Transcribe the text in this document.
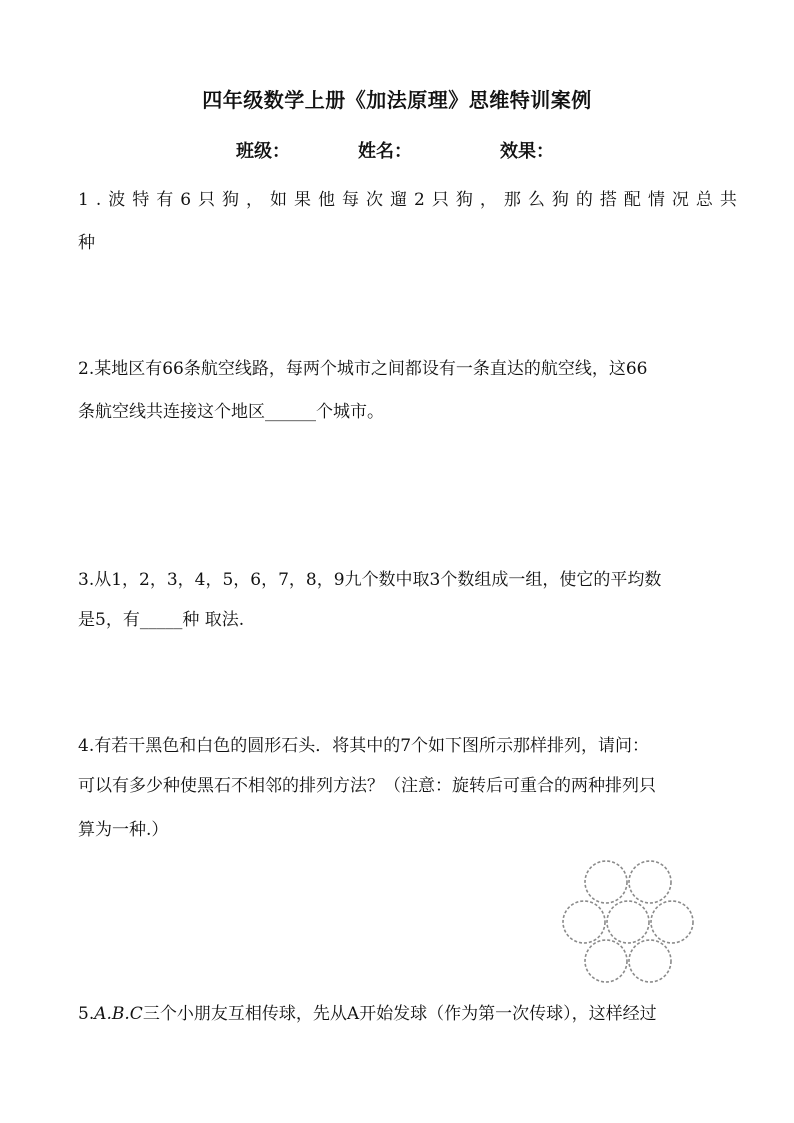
四年级数学上册《加法原理》思维特训案例
班级：	姓名：	效果：
1.波特有6只狗，如果他每次遛2只狗，那么狗的搭配情况总共
种
2.某地区有66条航空线路，每两个城市之间都设有一条直达的航空线，这66
条航空线共连接这个地区______个城市。
3.从1，2，3，4，5，6，7，8，9九个数中取3个数组成一组，使它的平均数
是5，有_____种 取法.
4.有若干黑色和白色的圆形石头．将其中的7个如下图所示那样排列，请问：
可以有多少种使黑石不相邻的排列方法？（注意：旋转后可重合的两种排列只
算为一种.）
5.A.B.C三个小朋友互相传球，先从A开始发球（作为第一次传球），这样经过
